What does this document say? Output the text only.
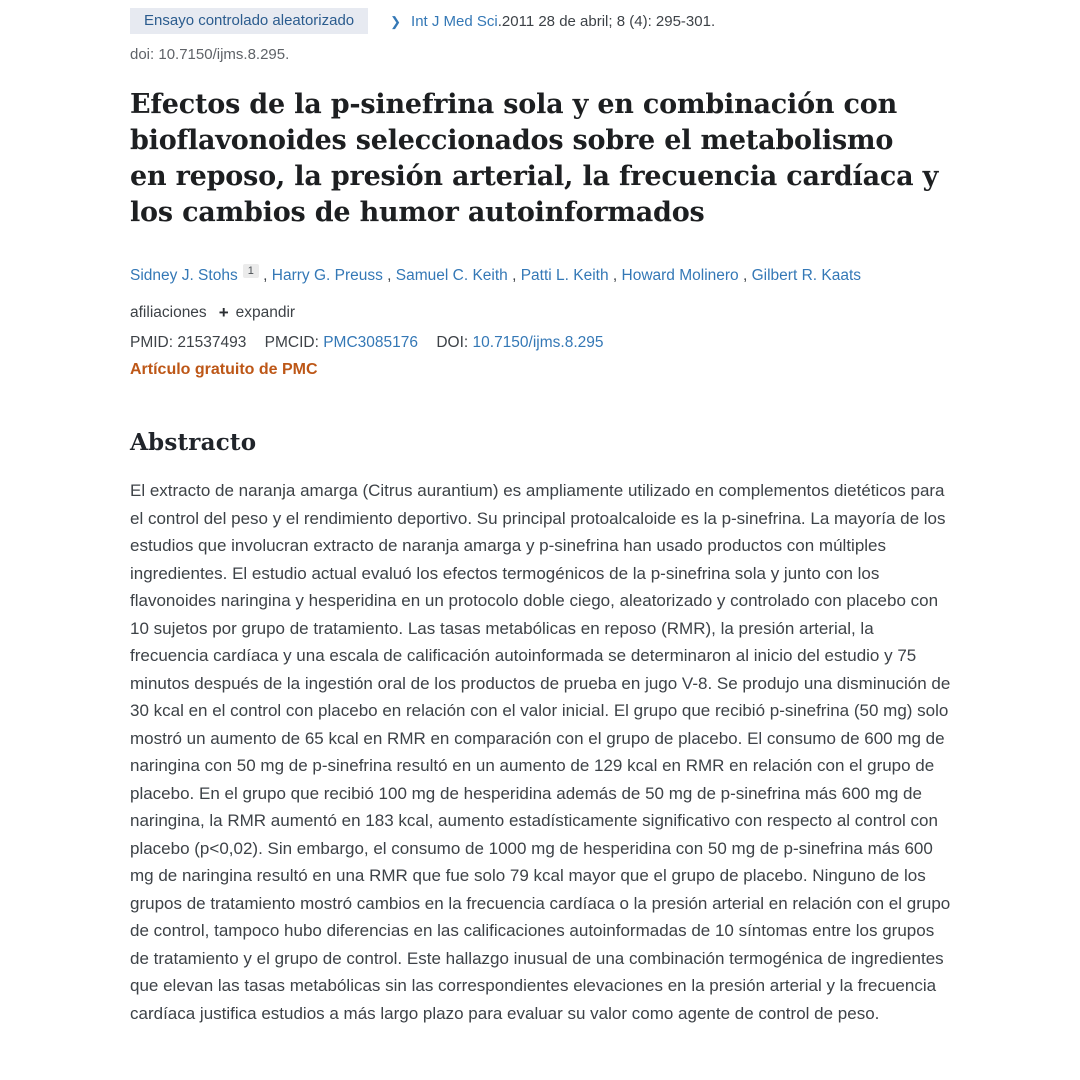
Ensayo controlado aleatorizado	❯ Int J Med Sci.2011 28 de abril; 8 (4): 295-301.
doi: 10.7150/ijms.8.295.
Efectos de la p-sinefrina sola y en combinación con
bioflavonoides seleccionados sobre el metabolismo
en reposo, la presión arterial, la frecuencia cardíaca y
los cambios de humor autoinformados
Sidney J. Stohs $^1$ , Harry G. Preuss , Samuel C. Keith , Patti L. Keith , Howard Molinero , Gilbert R. Kaats
afiliaciones + expandir
PMID: 21537493 PMCID: PMC3085176 DOI: 10.7150/ijms.8.295
Artículo gratuito de PMC
Abstracto

El extracto de naranja amarga (Citrus aurantium) es ampliamente utilizado en complementos dietéticos para el control del peso y el rendimiento deportivo. Su principal protoalcaloide es la p-sinefrina. La mayoría de los estudios que involucran extracto de naranja amarga y p-sinefrina han usado productos con múltiples ingredientes. El estudio actual evaluó los efectos termogénicos de la p-sinefrina sola y junto con los flavonoides naringina y hesperidina en un protocolo doble ciego, aleatorizado y controlado con placebo con 10 sujetos por grupo de tratamiento. Las tasas metabólicas en reposo (RMR), la presión arterial, la frecuencia cardíaca y una escala de calificación autoinformada se determinaron al inicio del estudio y 75 minutos después de la ingestión oral de los productos de prueba en jugo V-8. Se produjo una disminución de 30 kcal en el control con placebo en relación con el valor inicial. El grupo que recibió p-sinefrina (50 mg) solo mostró un aumento de 65 kcal en RMR en comparación con el grupo de placebo. El consumo de 600 mg de naringina con 50 mg de p-sinefrina resultó en un aumento de 129 kcal en RMR en relación con el grupo de placebo. En el grupo que recibió 100 mg de hesperidina además de 50 mg de p-sinefrina más 600 mg de naringina, la RMR aumentó en 183 kcal, aumento estadísticamente significativo con respecto al control con placebo (p<0,02). Sin embargo, el consumo de 1000 mg de hesperidina con 50 mg de p-sinefrina más 600 mg de naringina resultó en una RMR que fue solo 79 kcal mayor que el grupo de placebo. Ninguno de los grupos de tratamiento mostró cambios en la frecuencia cardíaca o la presión arterial en relación con el grupo de control, tampoco hubo diferencias en las calificaciones autoinformadas de 10 síntomas entre los grupos de tratamiento y el grupo de control. Este hallazgo inusual de una combinación termogénica de ingredientes que elevan las tasas metabólicas sin las correspondientes elevaciones en la presión arterial y la frecuencia cardíaca justifica estudios a más largo plazo para evaluar su valor como agente de control de peso.
